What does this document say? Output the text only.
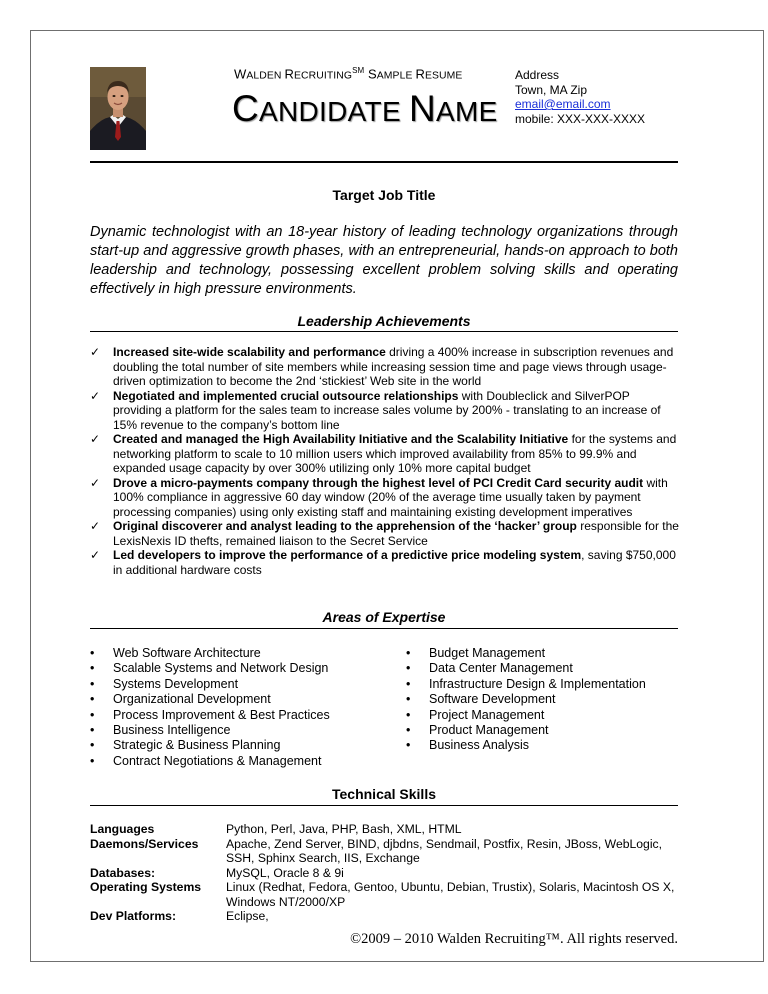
WALDEN RECRUITING℠ SAMPLE RESUME
CANDIDATE NAME
Address
Town, MA Zip
email@email.com
mobile: XXX-XXX-XXXX
Target Job Title
Dynamic technologist with an 18-year history of leading technology organizations through start-up and aggressive growth phases, with an entrepreneurial, hands-on approach to both leadership and technology, possessing excellent problem solving skills and operating effectively in high pressure environments.
Leadership Achievements
✓ Increased site-wide scalability and performance driving a 400% increase in subscription revenues and doubling the total number of site members while increasing session time and page views through usage-driven optimization to become the 2nd ‘stickiest’ Web site in the world
✓ Negotiated and implemented crucial outsource relationships with Doubleclick and SilverPOP providing a platform for the sales team to increase sales volume by 200% - translating to an increase of 15% revenue to the company’s bottom line
✓ Created and managed the High Availability Initiative and the Scalability Initiative for the systems and networking platform to scale to 10 million users which improved availability from 85% to 99.9% and expanded usage capacity by over 300% utilizing only 10% more capital budget
✓ Drove a micro-payments company through the highest level of PCI Credit Card security audit with 100% compliance in aggressive 60 day window (20% of the average time usually taken by payment processing companies) using only existing staff and maintaining existing development imperatives
✓ Original discoverer and analyst leading to the apprehension of the ‘hacker’ group responsible for the LexisNexis ID thefts, remained liaison to the Secret Service
✓ Led developers to improve the performance of a predictive price modeling system, saving $750,000 in additional hardware costs
Areas of Expertise
• Web Software Architecture
• Scalable Systems and Network Design
• Systems Development
• Organizational Development
• Process Improvement & Best Practices
• Business Intelligence
• Strategic & Business Planning
• Contract Negotiations & Management
• Budget Management
• Data Center Management
• Infrastructure Design & Implementation
• Software Development
• Project Management
• Product Management
• Business Analysis
Technical Skills
Languages	Python, Perl, Java, PHP, Bash, XML, HTML
Daemons/Services	Apache, Zend Server, BIND, djbdns, Sendmail, Postfix, Resin, JBoss, WebLogic, SSH, Sphinx Search, IIS, Exchange
Databases:	MySQL, Oracle 8 & 9i
Operating Systems	Linux (Redhat, Fedora, Gentoo, Ubuntu, Debian, Trustix), Solaris, Macintosh OS X, Windows NT/2000/XP
Dev Platforms:	Eclipse,
©2009 – 2010 Walden Recruiting™. All rights reserved.
